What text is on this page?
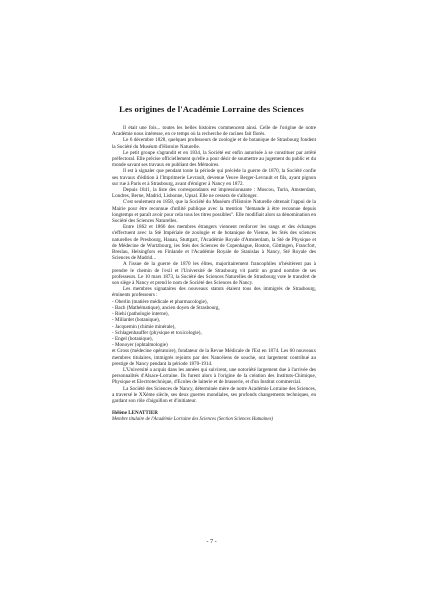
Les origines de l'Académie Lorraine des Sciences

Il était une fois... toutes les belles histoires commencent ainsi. Celle de l'origine de notre Académie nous intéresse, en ce temps où la recherche de racines fait florès.

Le 6 décembre 1828, quelques professeurs de zoologie et de botanique de Strasbourg fondent la Société du Muséum d'Histoire Naturelle.

Le petit groupe s'agrandit et en 1834, la Société est enfin autorisée à se constituer par arrêté préfectoral. Elle précise officiellement qu'elle a pour désir de soumettre au jugement du public et du monde savant ses travaux en publiant des Mémoires.

Il est à signaler que pendant toute la période qui précède la guerre de 1870, la Société confie ses travaux d'édition à l'Imprimerie Levrault, devenue Veuve Berger-Levrault et fils, ayant pignon sur rue à Paris et à Strasbourg, avant d'émigrer à Nancy en 1872.

Depuis 1841, la liste des correspondants est impressionnante : Moscou, Turin, Amsterdam, Londres, Berne, Madrid, Lisbonne, Upsal. Elle ne cessera de s'allonger.

C'est seulement en 1858, que la Société du Muséum d'Histoire Naturelle obtenait l'appui de la Mairie pour être reconnue d'utilité publique avec la mention "demande à être reconnue depuis longtemps et paraît avoir pour cela tous les titres possibles". Elle modifiait alors sa dénomination en Société des Sciences Naturelles.

Entre 1862 et 1866 des membres étrangers viennent renforcer les rangs et des échanges s'effectuent avec la Stè Impériale de zoologie et de botanique de Vienne, les Stés des sciences naturelles de Presbourg, Hanau, Stuttgart, l'Académie Royale d'Amsterdam, la Sté de Physique et de Médecine de Wurtzbourg, les Stés des Sciences de Copenhague, Boston, Göttingen, Francfort, Breslau, Helsingfors en Finlande et l'Académie Royale de Stanislas à Nancy, Sté Royale des Sciences de Madrid...

A l'issue de la guerre de 1870 les élites, majoritairement francophiles n'hésitèrent pas à prendre le chemin de l'exil et l'Université de Strasbourg vit partir un grand nombre de ses professeurs. Le 10 mars 1873, la Société des Sciences Naturelles de Strasbourg vote le transfert de son siège à Nancy et prend le nom de Société des Sciences de Nancy.

Les membres signataires des nouveaux statuts étaient tous des immigrés de Strasbourg, éminents professeurs :

- Oberlin (matière médicale et pharmacologie),
- Bach (Mathématique), ancien doyen de Strasbourg,
- Riehi (pathologie interne),
- Millardet (botanique),
- Jacquemin (chimie minérale),
- Schlagenhauffer (physique et toxicologie),
- Engel (botanique),
- Monoyer (ophtalmologie)

et Gross (médecine opératoire), fondateur de la Revue Médicale de l'Est en 1874. Les 60 nouveaux membres titulaires, immigrés rejoints par des Nancéiens de souche, ont largement contribué au prestige de Nancy pendant la période 1870-1914.

L'Université a acquis dans les années qui suivirent, une notoriété largement due à l'arrivée des personnalités d'Alsace-Lorraine. Ils furent alors à l'origine de la création des Instituts-Chimique, Physique et Electrotechnique, d'Ecoles de laiterie et de brasserie, et d'un Institut commercial.

La Société des Sciences de Nancy, déterminée mère de notre Académie Lorraine des Sciences, a traversé le XXème siècle, ses deux guerres mondiales, ses profonds changements techniques, en gardant son rôle d'aiguillon et d'initiateur.

Hélène LENATTIER
Membre titulaire de l'Académie Lorraine des Sciences (Section Sciences Humaines)
- 7 -
